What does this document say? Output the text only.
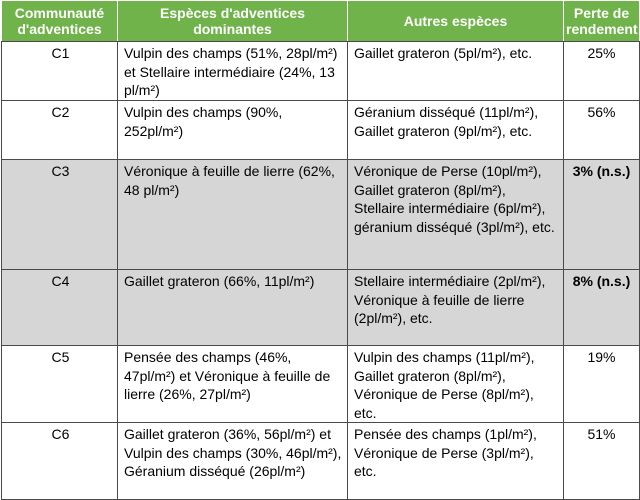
Communauté d'adventices	Espèces d'adventices dominantes	Autres espèces	Perte de rendement
C1	Vulpin des champs (51%, 28pl/m²) et Stellaire intermédiaire (24%, 13 pl/m²)	Gaillet grateron (5pl/m²), etc.	25%
C2	Vulpin des champs (90%, 252pl/m²)	Géranium disséqué (11pl/m²), Gaillet grateron (9pl/m²), etc.	56%
C3	Véronique à feuille de lierre (62%, 48 pl/m²)	Véronique de Perse (10pl/m²), Gaillet grateron (8pl/m²), Stellaire intermédiaire (6pl/m²), géranium disséqué (3pl/m²), etc.	3% (n.s.)
C4	Gaillet grateron (66%, 11pl/m²)	Stellaire intermédiaire (2pl/m²), Véronique à feuille de lierre (2pl/m²), etc.	8% (n.s.)
C5	Pensée des champs (46%, 47pl/m²) et Véronique à feuille de lierre (26%, 27pl/m²)	Vulpin des champs (11pl/m²), Gaillet grateron (8pl/m²), Véronique de Perse (8pl/m²), etc.	19%
C6	Gaillet grateron (36%, 56pl/m²) et Vulpin des champs (30%, 46pl/m²), Géranium disséqué (26pl/m²)	Pensée des champs (1pl/m²), Véronique de Perse (3pl/m²), etc.	51%
